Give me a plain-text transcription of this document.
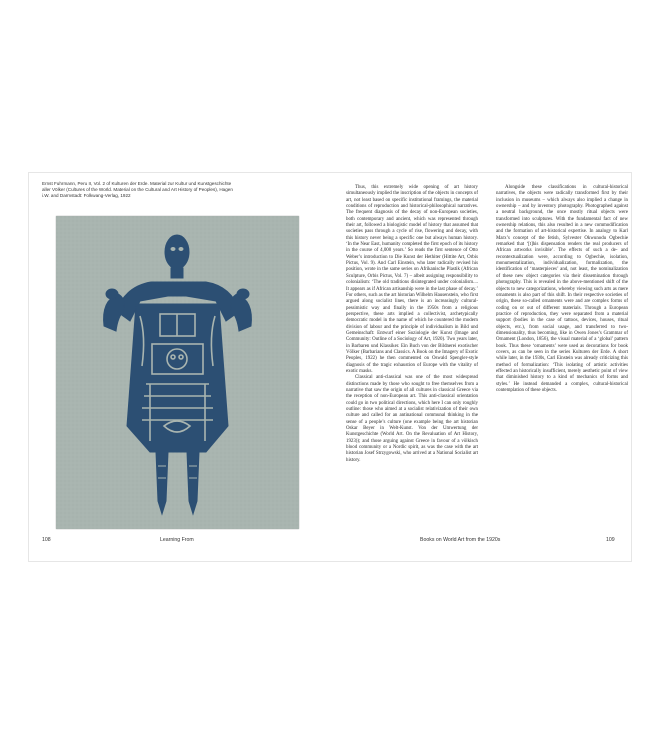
Ernst Fuhrmann, Peru II, Vol. 2 of Kulturen der Erde. Material zur Kultur und Kunstgeschichte aller Völker (Cultures of the World. Material on the Cultural and Art History of Peoples), Hagen i.W. and Darmstadt: Folkwang-Verlag, 1922

Thus, this extremely wide opening of art history simultaneously implied the inscription of the objects in concepts of art, not least based on specific institutional framings, the material conditions of reproduction and historical-philosophical narratives. The frequent diagnosis of the decay of non-European societies, both contemporary and ancient, which was represented through their art, followed a biologistic model of history that assumed that societies pass through a cycle of rise, flowering and decay, with this history never being a specific one but always human history. ‘In the Near East, humanity completed the first epoch of its history in the course of 4,000 years.’ So reads the first sentence of Otto Weber’s introduction to Die Kunst der Hethiter (Hittite Art, Orbis Pictus, Vol. 9). And Carl Einstein, who later radically revised his position, wrote in the same series on Afrikanische Plastik (African Sculpture, Orbis Pictus, Vol. 7) – albeit assigning responsibility to colonialism: ‘The old traditions disintegrated under colonialism.... It appears as if African artisanship were in the last phase of decay.’ For others, such as the art historian Wilhelm Hausenstein, who first argued along socialist lines, there is an increasingly cultural-pessimistic way and finally in the 1950s from a religious perspective, these arts implied a collectivist, archetypically democratic model in the name of which he countered the modern division of labour and the principle of individualism in Bild und Gemeinschaft: Entwurf einer Soziologie der Kunst (Image and Community: Outline of a Sociology of Art, 1920). Two years later, in Barbaren und Klassiker. Ein Buch von der Bildnerei exotischer Völker (Barbarians and Classics. A Book on the Imagery of Exotic Peoples, 1922) he then commented on Oswald Spengler-style diagnosis of the tragic exhaustion of Europe with the vitality of exotic masks.

Classical anti-classical was one of the most widespread distinctions made by those who sought to free themselves from a narrative that saw the origin of all cultures in classical Greece via the reception of non-European art. This anti-classical orientation could go in two political directions, which here I can only roughly outline: those who aimed at a socialist relativization of their own culture and called for an antinational communal thinking in the sense of a people’s culture (one example being the art historian Oskar Beyer in Welt-Kunst. Von der Umwertung der Kunstgeschichte (World Art. On the Revaluation of Art History, 1923)); and those arguing against Greece in favour of a völkisch blood community or a Nordic spirit, as was the case with the art historian Josef Strzygowski, who arrived at a National Socialist art history.

Alongside these classifications in cultural-historical narratives, the objects were radically transformed first by their inclusion in museums – which always also implied a change in ownership – and by inventory photography. Photographed against a neutral background, the once mostly ritual objects were transformed into sculptures. With the fundamental fact of new ownership relations, this also resulted in a new commodification and the formation of art-historical expertise. In analogy to Karl Marx’s concept of the fetish, Sylvester Okwunodu Ogbechie remarked that ‘[t]his dispensation renders the real producers of African artworks invisible’. The effects of such a de- and recontextualization were, according to Ogbechie, isolation, monumentalization, individualization, formalization, the identification of ‘masterpieces’ and, not least, the nominalization of these new object categories via their dissemination through photography. This is revealed in the above-mentioned shift of the objects to new categorizations, whereby viewing such arts as mere ornaments is also part of this shift. In their respective societies of origin, these so-called ornaments were and are complex forms of coding on or out of different materials. Through a European practice of reproduction, they were separated from a material support (bodies in the case of tattoos, devices, houses, ritual objects, etc.), from social usage, and transferred to two-dimensionality, thus becoming, like in Owen Jones’s Grammar of Ornament (London, 1856), the visual material of a ‘global’ pattern book. Thus these ‘ornaments’ were used as decorations for book covers, as can be seen in the series Kulturen der Erde. A short while later, in the 1930s, Carl Einstein was already criticizing this method of formalization: ‘This isolating of artistic activities effected an historically insufficient, merely aesthetic point of view that diminished history to a kind of mechanics of forms and styles.’ He instead demanded a complex, cultural-historical contemplation of these objects.

108	Learning From	Books on World Art from the 1920s	109
